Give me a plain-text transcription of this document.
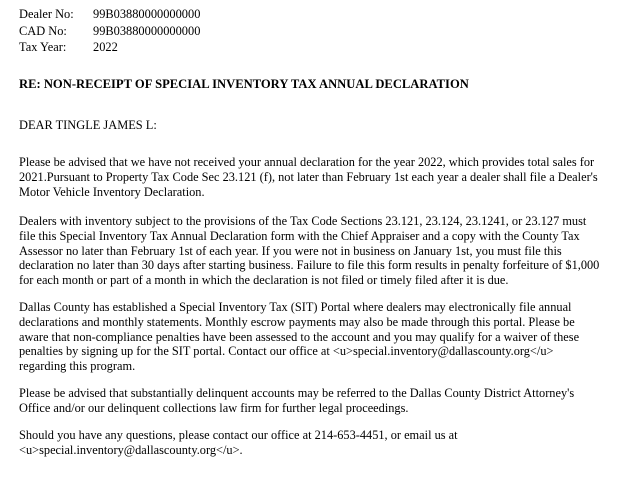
Dealer No:	99B03880000000000
CAD No:	99B03880000000000
Tax Year:	2022
RE: NON-RECEIPT OF SPECIAL INVENTORY TAX ANNUAL DECLARATION
DEAR TINGLE JAMES L:
Please be advised that we have not received your annual declaration for the year 2022, which provides total sales for
2021.Pursuant to Property Tax Code Sec 23.121 (f), not later than February 1st each year a dealer shall file a Dealer's
Motor Vehicle Inventory Declaration.
Dealers with inventory subject to the provisions of the Tax Code Sections 23.121, 23.124, 23.1241, or 23.127 must
file this Special Inventory Tax Annual Declaration form with the Chief Appraiser and a copy with the County Tax
Assessor no later than February 1st of each year. If you were not in business on January 1st, you must file this
declaration no later than 30 days after starting business. Failure to file this form results in penalty forfeiture of $1,000
for each month or part of a month in which the declaration is not filed or timely filed after it is due.
Dallas County has established a Special Inventory Tax (SIT) Portal where dealers may electronically file annual
declarations and monthly statements. Monthly escrow payments may also be made through this portal. Please be
aware that non-compliance penalties have been assessed to the account and you may qualify for a waiver of these
penalties by signing up for the SIT portal. Contact our office at <u>special.inventory@dallascounty.org</u>
regarding this program.
Please be advised that substantially delinquent accounts may be referred to the Dallas County District Attorney's
Office and/or our delinquent collections law firm for further legal proceedings.
Should you have any questions, please contact our office at 214-653-4451, or email us at
<u>special.inventory@dallascounty.org</u>.
